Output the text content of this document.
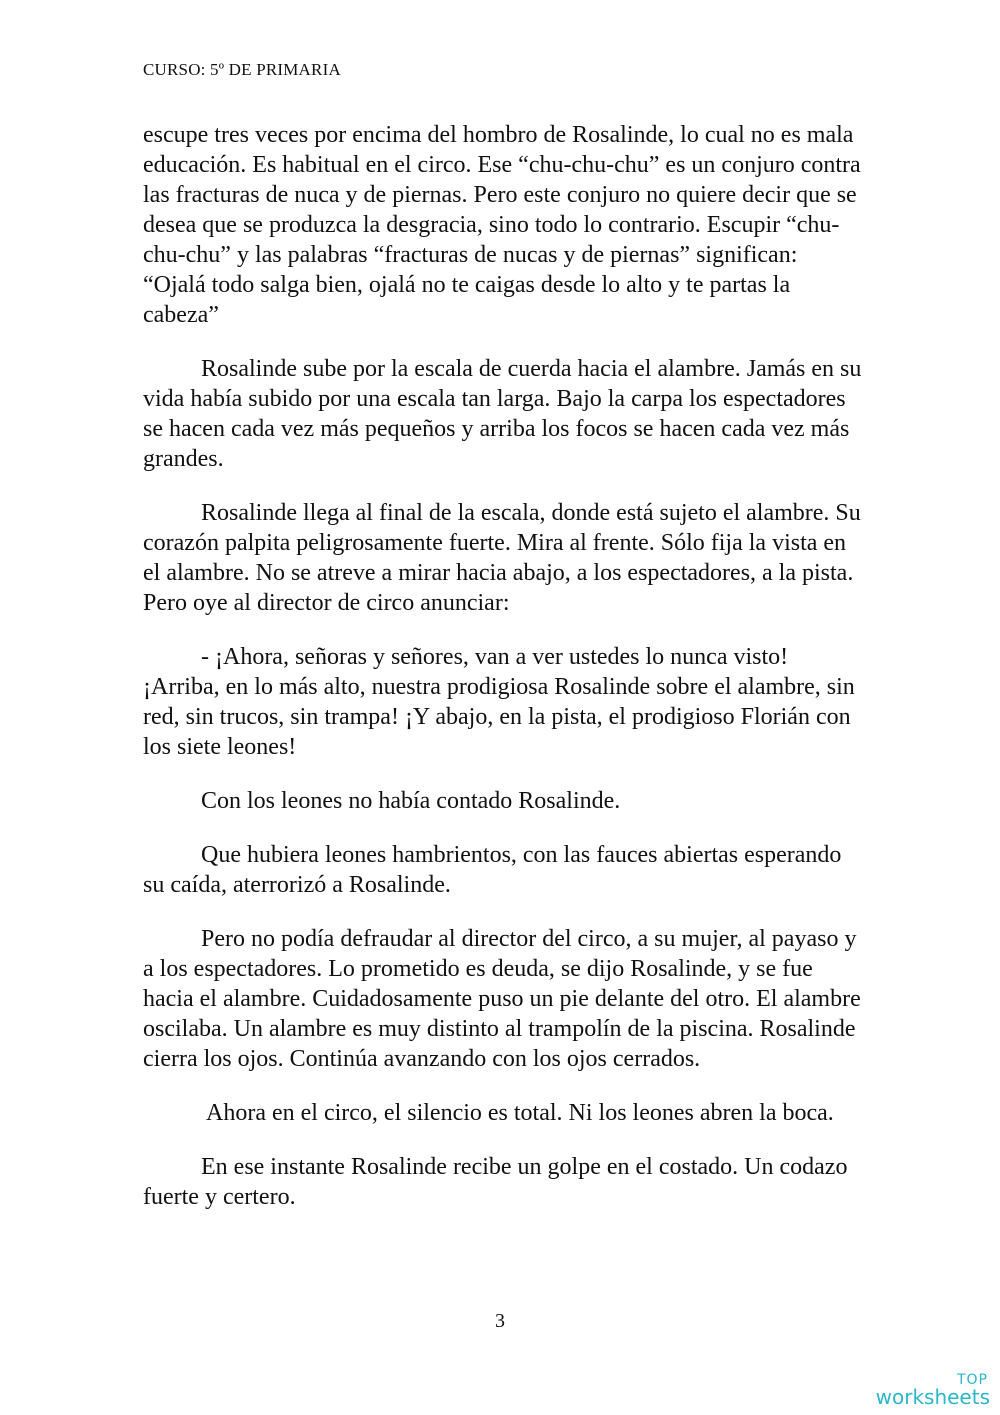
CURSO: 5º DE PRIMARIA

escupe tres veces por encima del hombro de Rosalinde, lo cual no es mala educación. Es habitual en el circo. Ese “chu-chu-chu” es un conjuro contra las fracturas de nuca y de piernas. Pero este conjuro no quiere decir que se desea que se produzca la desgracia, sino todo lo contrario. Escupir “chu-chu-chu” y las palabras “fracturas de nucas y de piernas” significan: “Ojalá todo salga bien, ojalá no te caigas desde lo alto y te partas la cabeza”

Rosalinde sube por la escala de cuerda hacia el alambre. Jamás en su vida había subido por una escala tan larga. Bajo la carpa los espectadores se hacen cada vez más pequeños y arriba los focos se hacen cada vez más grandes.

Rosalinde llega al final de la escala, donde está sujeto el alambre. Su corazón palpita peligrosamente fuerte. Mira al frente. Sólo fija la vista en el alambre. No se atreve a mirar hacia abajo, a los espectadores, a la pista. Pero oye al director de circo anunciar:

- ¡Ahora, señoras y señores, van a ver ustedes lo nunca visto! ¡Arriba, en lo más alto, nuestra prodigiosa Rosalinde sobre el alambre, sin red, sin trucos, sin trampa! ¡Y abajo, en la pista, el prodigioso Florián con los siete leones!

Con los leones no había contado Rosalinde.

Que hubiera leones hambrientos, con las fauces abiertas esperando su caída, aterrorizó a Rosalinde.

Pero no podía defraudar al director del circo, a su mujer, al payaso y a los espectadores. Lo prometido es deuda, se dijo Rosalinde, y se fue hacia el alambre. Cuidadosamente puso un pie delante del otro. El alambre oscilaba. Un alambre es muy distinto al trampolín de la piscina. Rosalinde cierra los ojos. Continúa avanzando con los ojos cerrados.

Ahora en el circo, el silencio es total. Ni los leones abren la boca.

En ese instante Rosalinde recibe un golpe en el costado. Un codazo fuerte y certero.

3
TOP
worksheets
